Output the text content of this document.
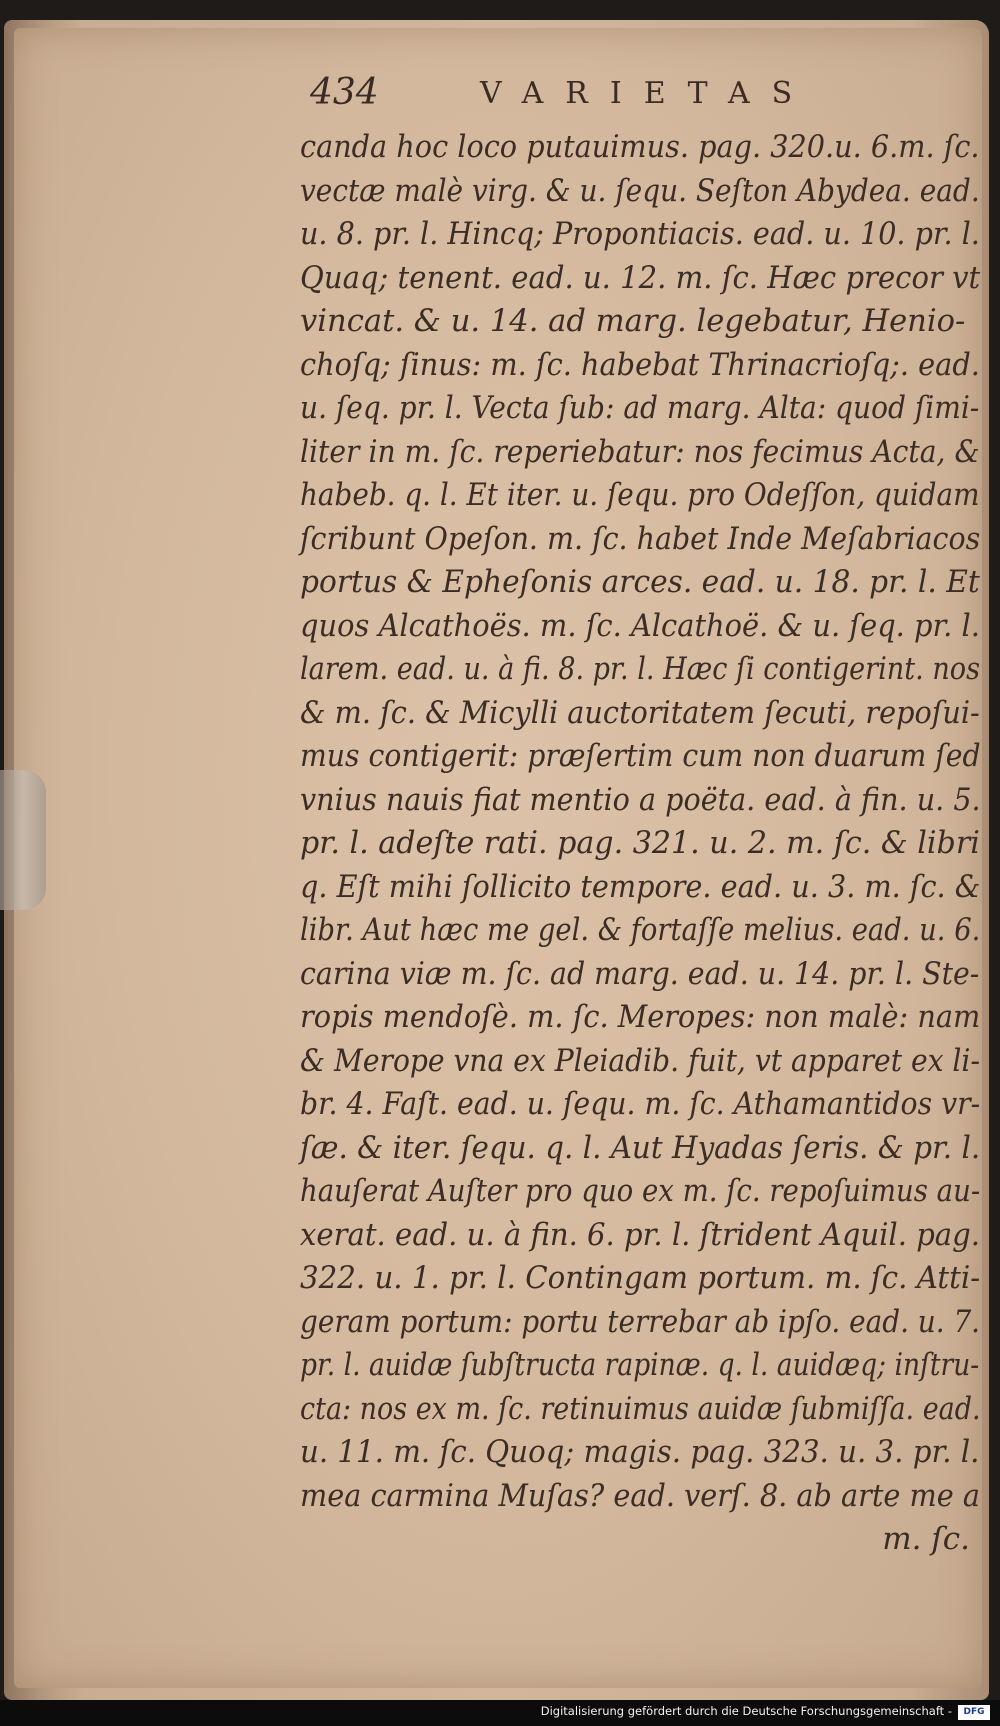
434	VARIETAS
canda hoc loco putauimus. pag. 320.u. 6.m. ſc.
vectæ malè virg. & u. ſequ. Seſton Abydea. ead.
u. 8. pr. l. Hincq; Propontiacis. ead. u. 10. pr. l.
Quaq; tenent. ead. u. 12. m. ſc. Hæc precor vt
vincat. & u. 14. ad marg. legebatur, Henio-
choſq; ſinus: m. ſc. habebat Thrinacrioſq;. ead.
u. ſeq. pr. l. Vecta ſub: ad marg. Alta: quod ſimi-
liter in m. ſc. reperiebatur: nos fecimus Acta, &
habeb. q. l. Et iter. u. ſequ. pro Odeſſon, quidam
ſcribunt Opeſon. m. ſc. habet Inde Meſabriacos
portus & Epheſonis arces. ead. u. 18. pr. l. Et
quos Alcathoës. m. ſc. Alcathoë. & u. ſeq. pr. l.
larem. ead. u. à fi. 8. pr. l. Hæc ſi contigerint. nos
& m. ſc. & Micylli auctoritatem ſecuti, repoſui-
mus contigerit: præſertim cum non duarum ſed
vnius nauis fiat mentio a poëta. ead. à fin. u. 5.
pr. l. adeſte rati. pag. 321. u. 2. m. ſc. & libri
q. Eſt mihi ſollicito tempore. ead. u. 3. m. ſc. &
libr. Aut hæc me gel. & fortaſſe melius. ead. u. 6.
carina viæ m. ſc. ad marg. ead. u. 14. pr. l. Ste-
ropis mendoſè. m. ſc. Meropes: non malè: nam
& Merope vna ex Pleiadib. fuit, vt apparet ex li-
br. 4. Faſt. ead. u. ſequ. m. ſc. Athamantidos vr-
ſæ. & iter. ſequ. q. l. Aut Hyadas ſeris. & pr. l.
hauſerat Auſter pro quo ex m. ſc. repoſuimus au-
xerat. ead. u. à fin. 6. pr. l. ſtrident Aquil. pag.
322. u. 1. pr. l. Contingam portum. m. ſc. Atti-
geram portum: portu terrebar ab ipſo. ead. u. 7.
pr. l. auidæ ſubſtructa rapinæ. q. l. auidæq; inſtru-
cta: nos ex m. ſc. retinuimus auidæ ſubmiſſa. ead.
u. 11. m. ſc. Quoq; magis. pag. 323. u. 3. pr. l.
mea carmina Muſas? ead. verſ. 8. ab arte me a
m. ſc.
Digitalisierung gefördert durch die Deutsche Forschungsgemeinschaft -	DFG
